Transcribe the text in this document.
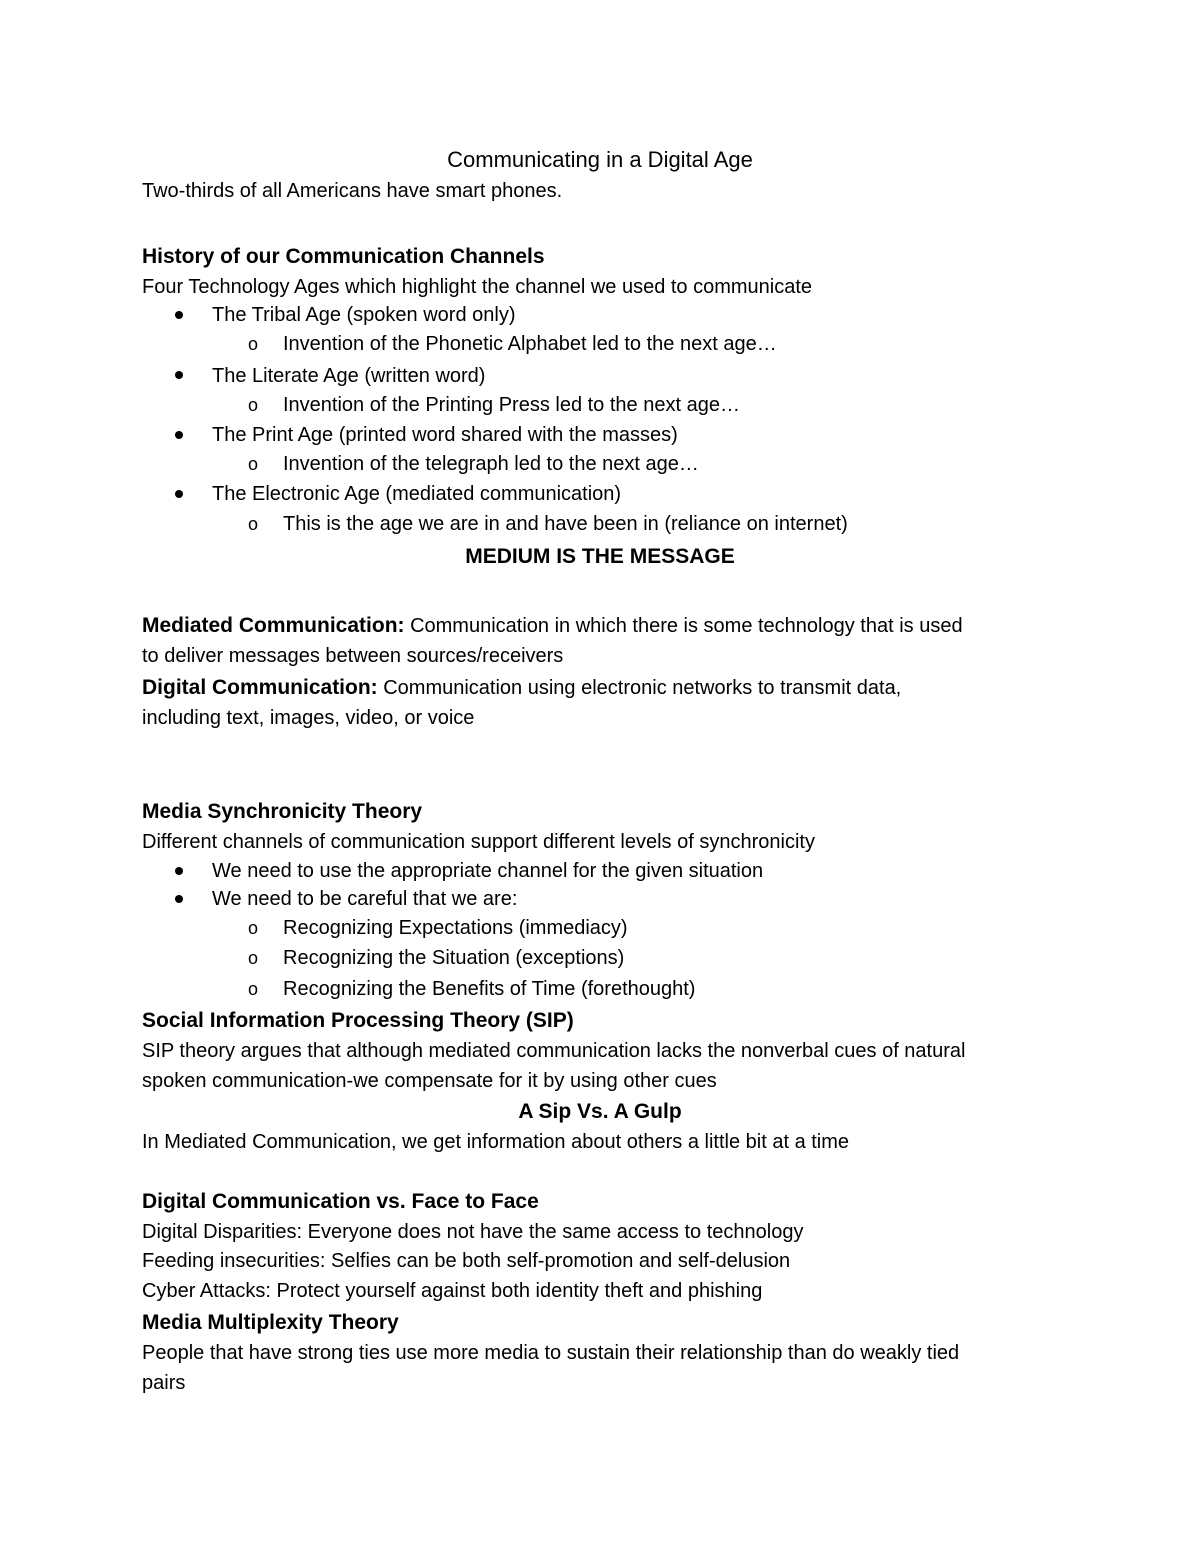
Communicating in a Digital Age
Two-thirds of all Americans have smart phones.
History of our Communication Channels
Four Technology Ages which highlight the channel we used to communicate
The Tribal Age (spoken word only)
o Invention of the Phonetic Alphabet led to the next age…
The Literate Age (written word)
o Invention of the Printing Press led to the next age…
The Print Age (printed word shared with the masses)
o Invention of the telegraph led to the next age…
The Electronic Age (mediated communication)
o This is the age we are in and have been in (reliance on internet)
MEDIUM IS THE MESSAGE
Mediated Communication: Communication in which there is some technology that is used
to deliver messages between sources/receivers
Digital Communication: Communication using electronic networks to transmit data,
including text, images, video, or voice
Media Synchronicity Theory
Different channels of communication support different levels of synchronicity
We need to use the appropriate channel for the given situation
We need to be careful that we are:
o Recognizing Expectations (immediacy)
o Recognizing the Situation (exceptions)
o Recognizing the Benefits of Time (forethought)
Social Information Processing Theory (SIP)
SIP theory argues that although mediated communication lacks the nonverbal cues of natural
spoken communication-we compensate for it by using other cues
A Sip Vs. A Gulp
In Mediated Communication, we get information about others a little bit at a time
Digital Communication vs. Face to Face
Digital Disparities: Everyone does not have the same access to technology
Feeding insecurities: Selfies can be both self-promotion and self-delusion
Cyber Attacks: Protect yourself against both identity theft and phishing
Media Multiplexity Theory
People that have strong ties use more media to sustain their relationship than do weakly tied
pairs
